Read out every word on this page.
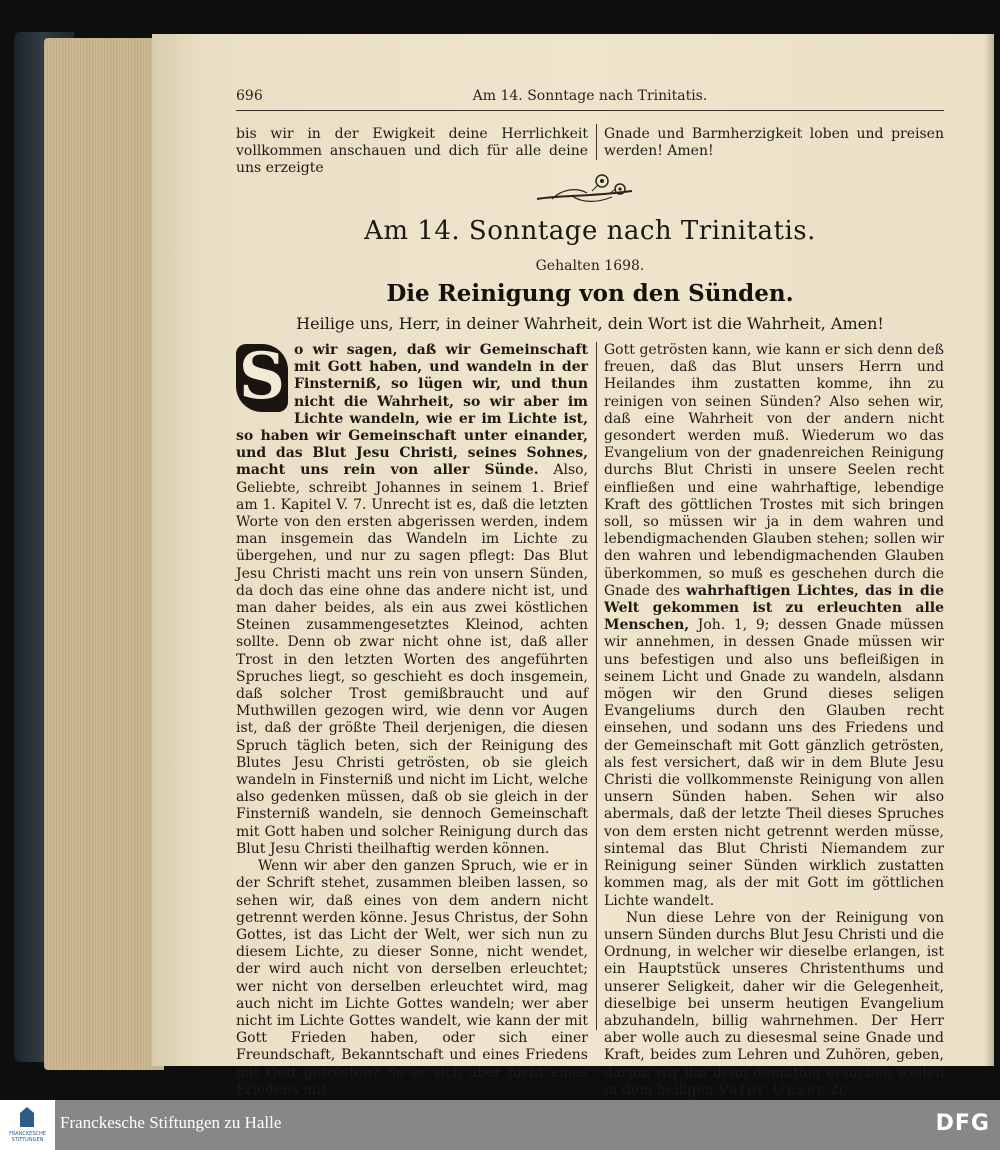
696	Am 14. Sonntage nach Trinitatis.

bis wir in der Ewigkeit deine Herrlichkeit vollkommen anschauen und dich für alle deine uns erzeigte

Gnade und Barmherzigkeit loben und preisen werden! Amen!

Am 14. Sonntage nach Trinitatis.
Gehalten 1698.
Die Reinigung von den Sünden.
Heilige uns, Herr, in deiner Wahrheit, dein Wort ist die Wahrheit, Amen!

S o wir sagen, daß wir Gemeinschaft mit Gott haben, und wandeln in der Finsterniß, so lügen wir, und thun nicht die Wahrheit, so wir aber im Lichte wandeln, wie er im Lichte ist, so haben wir Gemeinschaft unter einander, und das Blut Jesu Christi, seines Sohnes, macht uns rein von aller Sünde. Also, Geliebte, schreibt Johannes in seinem 1. Brief am 1. Kapitel V. 7. Unrecht ist es, daß die letzten Worte von den ersten abgerissen werden, indem man insgemein das Wandeln im Lichte zu übergehen, und nur zu sagen pflegt: Das Blut Jesu Christi macht uns rein von unsern Sünden, da doch das eine ohne das andere nicht ist, und man daher beides, als ein aus zwei köstlichen Steinen zusammengesetztes Kleinod, achten sollte. Denn ob zwar nicht ohne ist, daß aller Trost in den letzten Worten des angeführten Spruches liegt, so geschieht es doch insgemein, daß solcher Trost gemißbraucht und auf Muthwillen gezogen wird, wie denn vor Augen ist, daß der größte Theil derjenigen, die diesen Spruch täglich beten, sich der Reinigung des Blutes Jesu Christi getrösten, ob sie gleich wandeln in Finsterniß und nicht im Licht, welche also gedenken müssen, daß ob sie gleich in der Finsterniß wandeln, sie dennoch Gemeinschaft mit Gott haben und solcher Reinigung durch das Blut Jesu Christi theilhaftig werden können.

Wenn wir aber den ganzen Spruch, wie er in der Schrift stehet, zusammen bleiben lassen, so sehen wir, daß eines von dem andern nicht getrennt werden könne. Jesus Christus, der Sohn Gottes, ist das Licht der Welt, wer sich nun zu diesem Lichte, zu dieser Sonne, nicht wendet, der wird auch nicht von derselben erleuchtet; wer nicht von derselben erleuchtet wird, mag auch nicht im Lichte Gottes wandeln; wer aber nicht im Lichte Gottes wandelt, wie kann der mit Gott Frieden haben, oder sich einer Freundschaft, Bekanntschaft und eines Friedens mit Gott getrösten? So er sich aber nicht eines Friedens mit

Gott getrösten kann, wie kann er sich denn deß freuen, daß das Blut unsers Herrn und Heilandes ihm zustatten komme, ihn zu reinigen von seinen Sünden? Also sehen wir, daß eine Wahrheit von der andern nicht gesondert werden muß. Wiederum wo das Evangelium von der gnadenreichen Reinigung durchs Blut Christi in unsere Seelen recht einfließen und eine wahrhaftige, lebendige Kraft des göttlichen Trostes mit sich bringen soll, so müssen wir ja in dem wahren und lebendigmachenden Glauben stehen; sollen wir den wahren und lebendigmachenden Glauben überkommen, so muß es geschehen durch die Gnade des wahrhaftigen Lichtes, das in die Welt gekommen ist zu erleuchten alle Menschen, Joh. 1, 9; dessen Gnade müssen wir annehmen, in dessen Gnade müssen wir uns befestigen und also uns befleißigen in seinem Licht und Gnade zu wandeln, alsdann mögen wir den Grund dieses seligen Evangeliums durch den Glauben recht einsehen, und sodann uns des Friedens und der Gemeinschaft mit Gott gänzlich getrösten, als fest versichert, daß wir in dem Blute Jesu Christi die vollkommenste Reinigung von allen unsern Sünden haben. Sehen wir also abermals, daß der letzte Theil dieses Spruches von dem ersten nicht getrennt werden müsse, sintemal das Blut Christi Niemandem zur Reinigung seiner Sünden wirklich zustatten kommen mag, als der mit Gott im göttlichen Lichte wandelt.

Nun diese Lehre von der Reinigung von unsern Sünden durchs Blut Jesu Christi und die Ordnung, in welcher wir dieselbe erlangen, ist ein Hauptstück unseres Christenthums und unserer Seligkeit, daher wir die Gelegenheit, dieselbige bei unserm heutigen Evangelium abzuhandeln, billig wahrnehmen. Der Herr aber wolle auch zu diesesmal seine Gnade und Kraft, beides zum Lehren und Zuhören, geben, darum wir ihn denn demüthig ersuchen wollen in dem heiligen Vater Unser 2c.

FRANCKESCHE STIFTUNGEN
Franckesche Stiftungen zu Halle	DFG
